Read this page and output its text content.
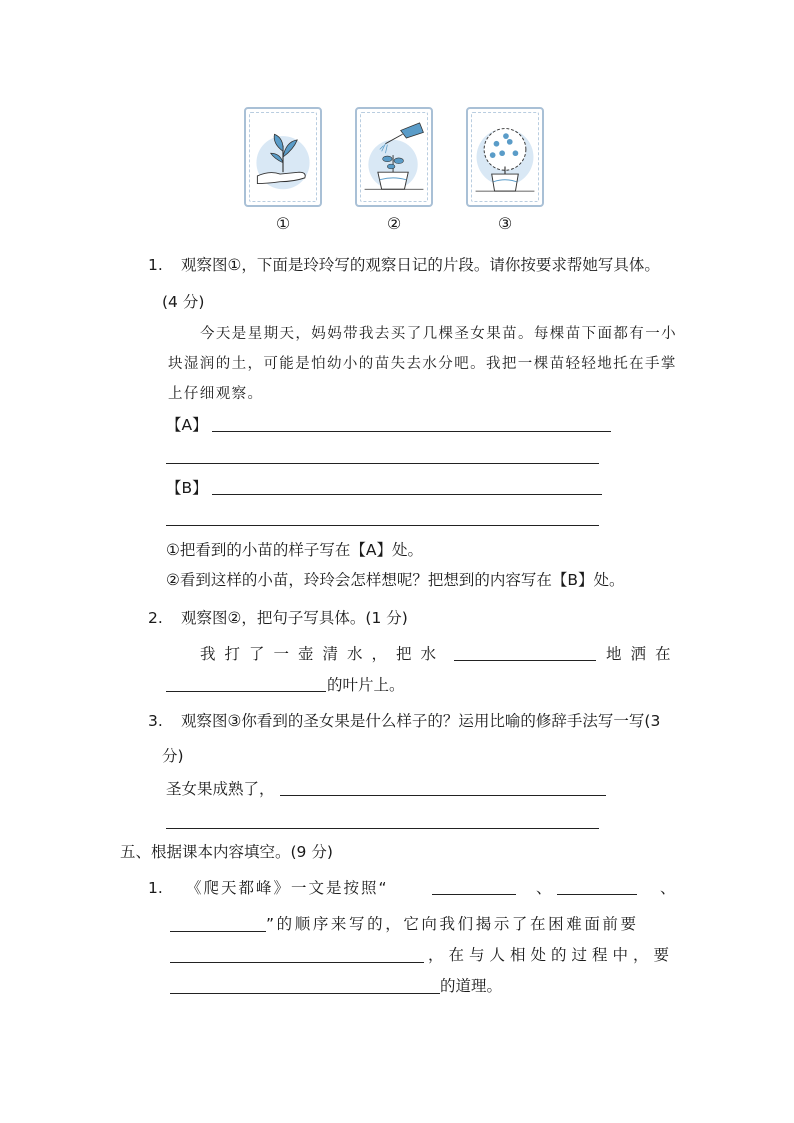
①	②	③
1. 观察图①，下面是玲玲写的观察日记的片段。请你按要求帮她写具体。
(4 分)
今天是星期天，妈妈带我去买了几棵圣女果苗。每棵苗下面都有一小
块湿润的土，可能是怕幼小的苗失去水分吧。我把一棵苗轻轻地托在手掌
上仔细观察。
【A】
【B】
①把看到的小苗的样子写在【A】处。
②看到这样的小苗，玲玲会怎样想呢？把想到的内容写在【B】处。
2. 观察图②，把句子写具体。(1 分)
我打了一壶清水，把水	地洒在
的叶片上。
3. 观察图③你看到的圣女果是什么样子的？运用比喻的修辞手法写一写(3
分)
圣女果成熟了，
五、根据课本内容填空。(9 分)
1. 《爬天都峰》一文是按照“	、	、
”的顺序来写的，它向我们揭示了在困难面前要
，在与人相处的过程中，要
的道理。
